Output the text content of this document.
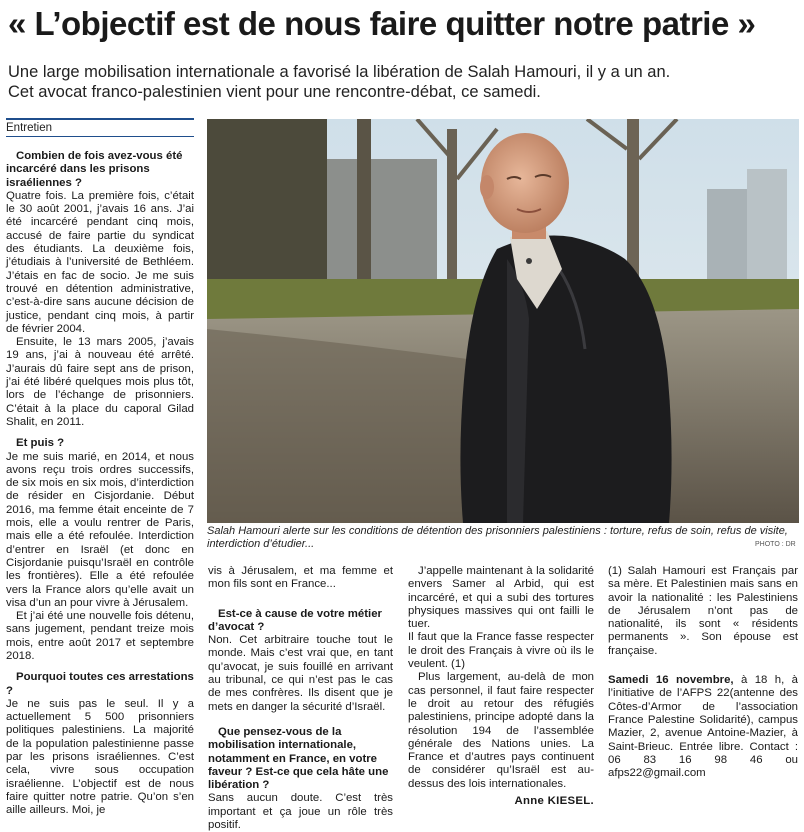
« L’objectif est de nous faire quitter notre patrie »
Une large mobilisation internationale a favorisé la libération de Salah Hamouri, il y a un an.
Cet avocat franco-palestinien vient pour une rencontre-débat, ce samedi.
Entretien

Combien de fois avez-vous été incarcéré dans les prisons israéliennes ?

Quatre fois. La première fois, c’était le 30 août 2001, j’avais 16 ans. J’ai été incarcéré pendant cinq mois, accusé de faire partie du syndicat des étudiants. La deuxième fois, j’étudiais à l’université de Bethléem. J’étais en fac de socio. Je me suis trouvé en détention administrative, c’est-à-dire sans aucune décision de justice, pendant cinq mois, à partir de février 2004.

Ensuite, le 13 mars 2005, j’avais 19 ans, j’ai à nouveau été arrêté. J’aurais dû faire sept ans de prison, j’ai été libéré quelques mois plus tôt, lors de l’échange de prisonniers. C’était à la place du caporal Gilad Shalit, en 2011.

Et puis ?

Je me suis marié, en 2014, et nous avons reçu trois ordres successifs, de six mois en six mois, d’interdiction de résider en Cisjordanie. Début 2016, ma femme était enceinte de 7 mois, elle a voulu rentrer de Paris, mais elle a été refoulée. Interdiction d’entrer en Israël (et donc en Cisjordanie puisqu’Israël en contrôle les frontières). Elle a été refoulée vers la France alors qu’elle avait un visa d’un an pour vivre à Jérusalem.

Et j’ai été une nouvelle fois détenu, sans jugement, pendant treize mois mois, entre août 2017 et septembre 2018.

Pourquoi toutes ces arrestations ?

Je ne suis pas le seul. Il y a actuellement 5 500 prisonniers politiques palestiniens. La majorité de la population palestinienne passe par les prisons israéliennes. C’est cela, vivre sous occupation israélienne. L’objectif est de nous faire quitter notre patrie. Qu’on s’en aille ailleurs. Moi, je

Salah Hamouri alerte sur les conditions de détention des prisonniers palestiniens : torture, refus de soin, refus de visite, interdiction d’étudier...	PHOTO : DR

vis à Jérusalem, et ma femme et mon fils sont en France...

Est-ce à cause de votre métier d’avocat ?

Non. Cet arbitraire touche tout le monde. Mais c’est vrai que, en tant qu’avocat, je suis fouillé en arrivant au tribunal, ce qui n’est pas le cas de mes confrères. Ils disent que je mets en danger la sécurité d’Israël.

Que pensez-vous de la mobilisation internationale, notamment en France, en votre faveur ? Est-ce que cela hâte une libération ?

Sans aucun doute. C’est très important et ça joue un rôle très positif.

J’appelle maintenant à la solidarité envers Samer al Arbid, qui est incarcéré, et qui a subi des tortures physiques massives qui ont failli le tuer.

Il faut que la France fasse respecter le droit des Français à vivre où ils le veulent. (1)

Plus largement, au-delà de mon cas personnel, il faut faire respecter le droit au retour des réfugiés palestiniens, principe adopté dans la résolution 194 de l’assemblée générale des Nations unies. La France et d’autres pays continuent de considérer qu’Israël est au-dessus des lois internationales.

Anne KIESEL.

(1) Salah Hamouri est Français par sa mère. Et Palestinien mais sans en avoir la nationalité : les Palestiniens de Jérusalem n’ont pas de nationalité, ils sont « résidents permanents ». Son épouse est française.

Samedi 16 novembre, à 18 h, à l’initiative de l’AFPS 22(antenne des Côtes-d’Armor de l’association France Palestine Solidarité), campus Mazier, 2, avenue Antoine-Mazier, à Saint-Brieuc. Entrée libre. Contact : 06 83 16 98 46 ou afps22@gmail.com
